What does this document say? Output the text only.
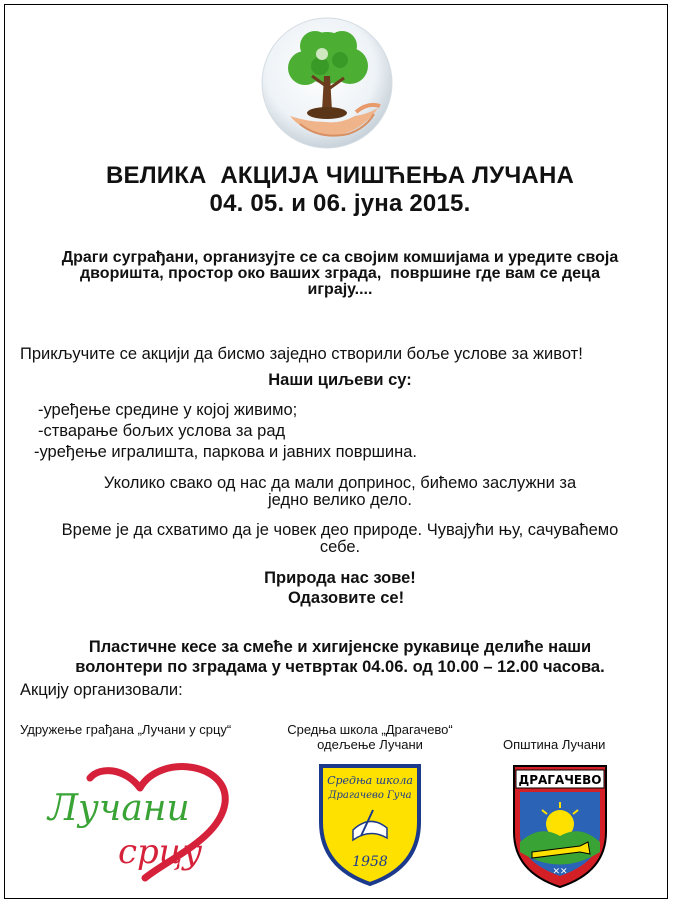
ВЕЛИКА  АКЦИЈА ЧИШЋЕЊА ЛУЧАНА
04. 05. и 06. јуна 2015.
Драги суграђани, организујте се са својим комшијама и уредите своја
дворишта, простор око ваших зграда,  површине где вам се деца
играју....
Прикључите се акцији да бисмо заједно створили боље услове за живот!
Наши циљеви су:
-уређење средине у којој живимо;
-стварање бољих услова за рад
-уређење игралишта, паркова и јавних површина.
Уколико свако од нас да мали допринос, бићемо заслужни за
једно велико дело.
Време је да схватимо да је човек део природе. Чуваjући њу, сачуваћемо
себе.
Природа нас зове!
Одазовите се!
Пластичне кесе за смеће и хигијенске рукавице делиће наши
волонтери по зградама у четвртак 04.06. од 10.00 – 12.00 часова.
Акцију организовали:
Удружење грађана „Лучани у срцу“	Средња школа „Драгачево“
одељење Лучани	Општина Лучани
Лучани
срцу
Средња школа
Драгачево Гуча
1958
ДРАГАЧЕВО
✕✕
